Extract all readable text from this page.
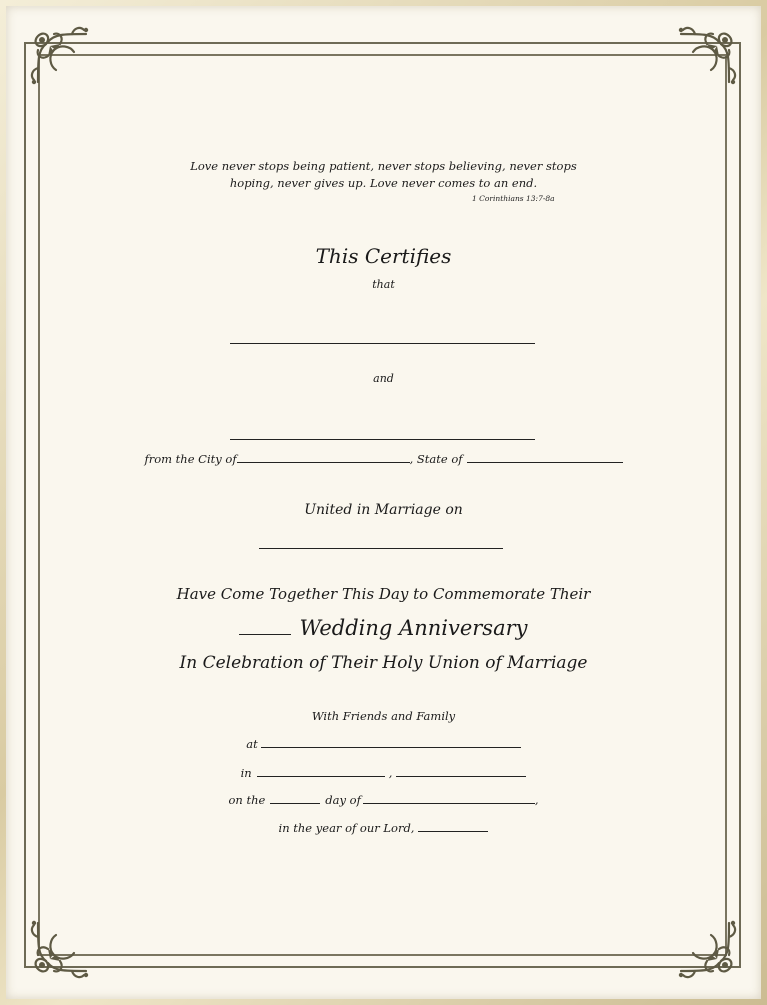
Love never stops being patient, never stops believing, never stops
hoping, never gives up. Love never comes to an end.
1 Corinthians 13:7-8a
This Certifies
that
and
from the City of	, State of
United in Marriage on
Have Come Together This Day to Commemorate Their
Wedding Anniversary
In Celebration of Their Holy Union of Marriage
With Friends and Family
at
in	,
on the	day of	,
in the year of our Lord,
